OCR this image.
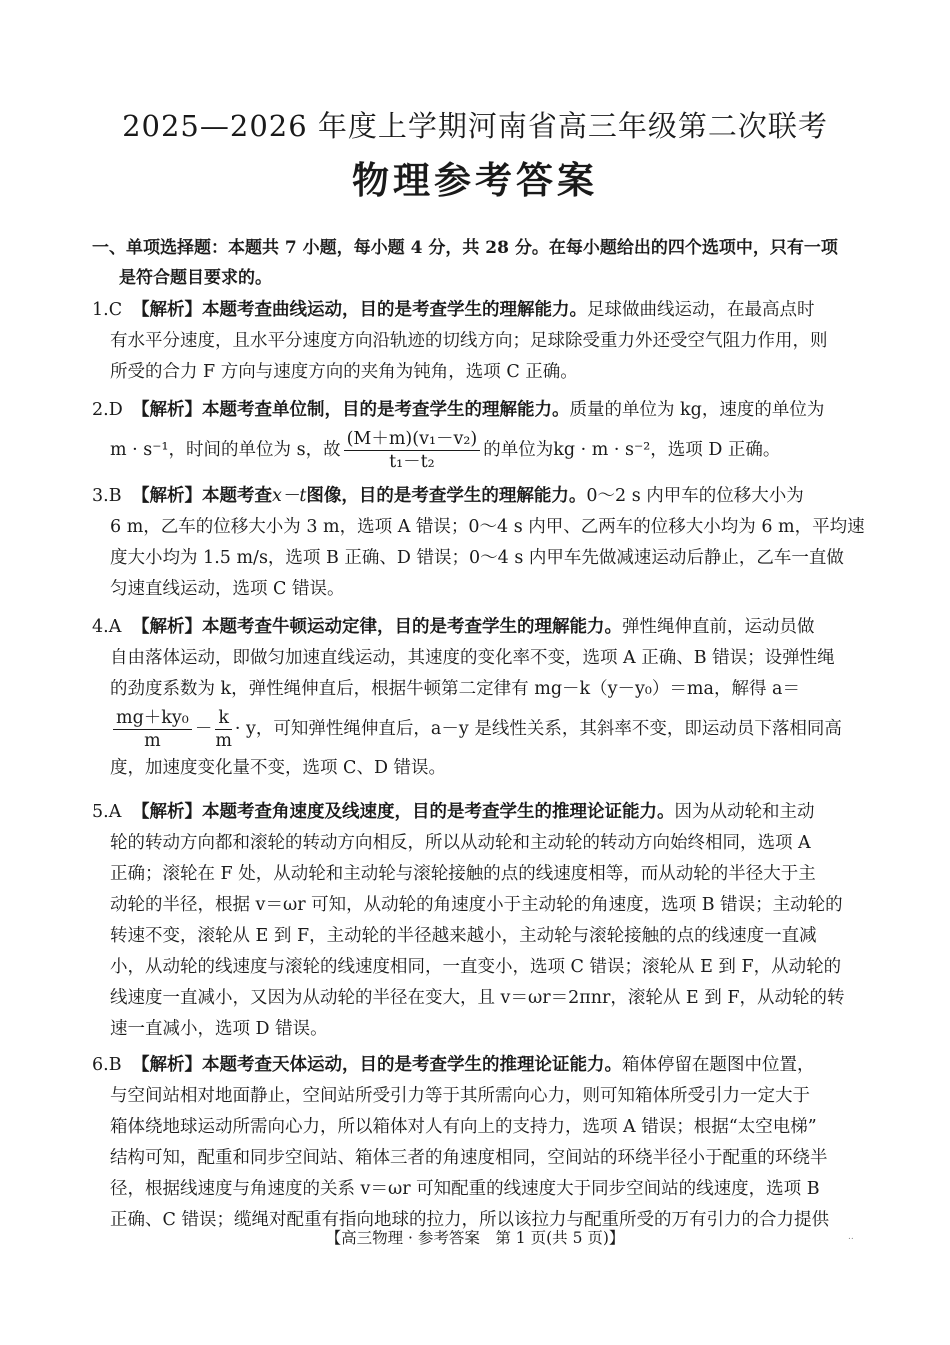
2025—2026 年度上学期河南省高三年级第二次联考
物理参考答案
一、单项选择题：本题共 7 小题，每小题 4 分，共 28 分。在每小题给出的四个选项中，只有一项
是符合题目要求的。
1.C 【解析】本题考查曲线运动，目的是考查学生的理解能力。足球做曲线运动，在最高点时
有水平分速度，且水平分速度方向沿轨迹的切线方向；足球除受重力外还受空气阻力作用，则
所受的合力 F 方向与速度方向的夹角为钝角，选项 C 正确。
2.D 【解析】本题考查单位制，目的是考查学生的理解能力。质量的单位为 kg，速度的单位为
m · s⁻¹，时间的单位为 s，故 $\frac{\text{(M＋m)(v₁－v₂)}}{\text{t₁－t₂}}$ 的单位为kg · m · s⁻²，选项 D 正确。
3.B 【解析】本题考查x－t图像，目的是考查学生的理解能力。0～2 s 内甲车的位移大小为
6 m，乙车的位移大小为 3 m，选项 A 错误；0～4 s 内甲、乙两车的位移大小均为 6 m，平均速
度大小均为 1.5 m/s，选项 B 正确、D 错误；0～4 s 内甲车先做减速运动后静止，乙车一直做
匀速直线运动，选项 C 错误。
4.A 【解析】本题考查牛顿运动定律，目的是考查学生的理解能力。弹性绳伸直前，运动员做
自由落体运动，即做匀加速直线运动，其速度的变化率不变，选项 A 正确、B 错误；设弹性绳
的劲度系数为 k，弹性绳伸直后，根据牛顿第二定律有 mg－k（y－y₀）＝ma，解得 a＝
$\frac{\text{mg＋ky₀}}{m} - \frac{k}{m} \cdot y$，可知弹性绳伸直后，a－y 是线性关系，其斜率不变，即运动员下落相同高
度，加速度变化量不变，选项 C、D 错误。
5.A 【解析】本题考查角速度及线速度，目的是考查学生的推理论证能力。因为从动轮和主动
轮的转动方向都和滚轮的转动方向相反，所以从动轮和主动轮的转动方向始终相同，选项 A
正确；滚轮在 F 处，从动轮和主动轮与滚轮接触的点的线速度相等，而从动轮的半径大于主
动轮的半径，根据 v＝ωr 可知，从动轮的角速度小于主动轮的角速度，选项 B 错误；主动轮的
转速不变，滚轮从 E 到 F，主动轮的半径越来越小，主动轮与滚轮接触的点的线速度一直减
小，从动轮的线速度与滚轮的线速度相同，一直变小，选项 C 错误；滚轮从 E 到 F，从动轮的
线速度一直减小，又因为从动轮的半径在变大，且 v＝ωr＝2πnr，滚轮从 E 到 F，从动轮的转
速一直减小，选项 D 错误。
6.B 【解析】本题考查天体运动，目的是考查学生的推理论证能力。箱体停留在题图中位置，
与空间站相对地面静止，空间站所受引力等于其所需向心力，则可知箱体所受引力一定大于
箱体绕地球运动所需向心力，所以箱体对人有向上的支持力，选项 A 错误；根据“太空电梯”
结构可知，配重和同步空间站、箱体三者的角速度相同，空间站的环绕半径小于配重的环绕半
径，根据线速度与角速度的关系 v＝ωr 可知配重的线速度大于同步空间站的线速度，选项 B
正确、C 错误；缆绳对配重有指向地球的拉力，所以该拉力与配重所受的万有引力的合力提供
【高三物理 · 参考答案　第 1 页(共 5 页)】	..
